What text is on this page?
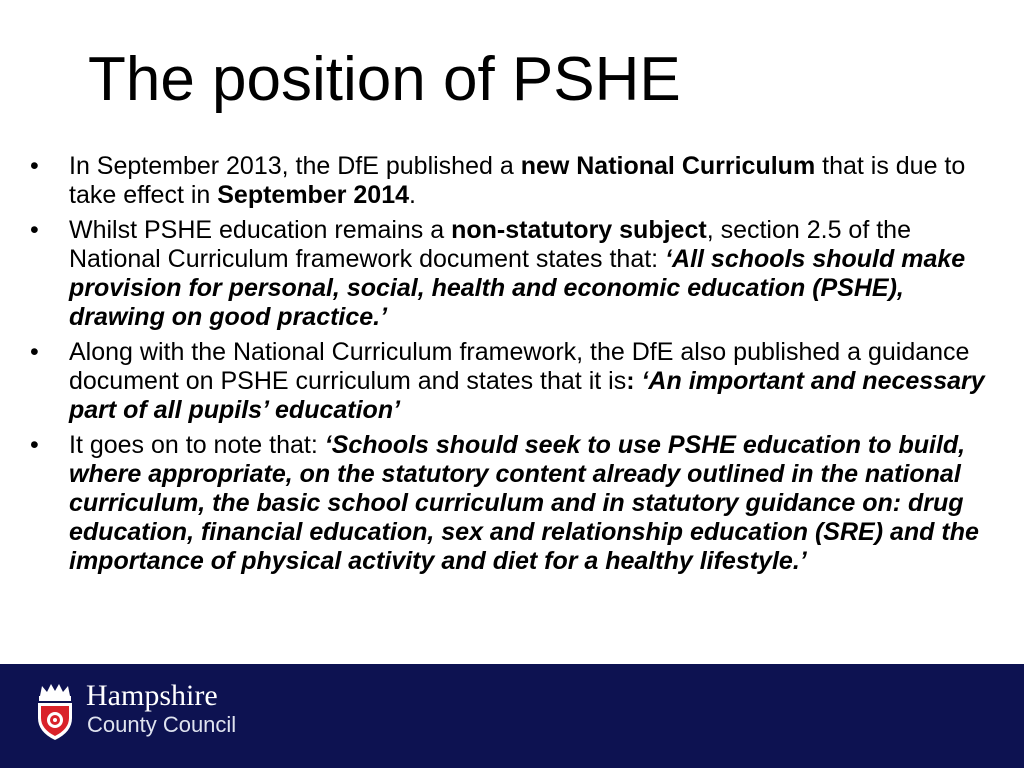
The position of PSHE
• In September 2013, the DfE published a new National Curriculum that is due to take effect in September 2014.
• Whilst PSHE education remains a non-statutory subject, section 2.5 of the National Curriculum framework document states that: ‘All schools should make provision for personal, social, health and economic education (PSHE), drawing on good practice.’
• Along with the National Curriculum framework, the DfE also published a guidance document on PSHE curriculum and states that it is: ‘An important and necessary part of all pupils’ education’
• It goes on to note that: ‘Schools should seek to use PSHE education to build, where appropriate, on the statutory content already outlined in the national curriculum, the basic school curriculum and in statutory guidance on: drug education, financial education, sex and relationship education (SRE) and the importance of physical activity and diet for a healthy lifestyle.’
Hampshire
County Council
